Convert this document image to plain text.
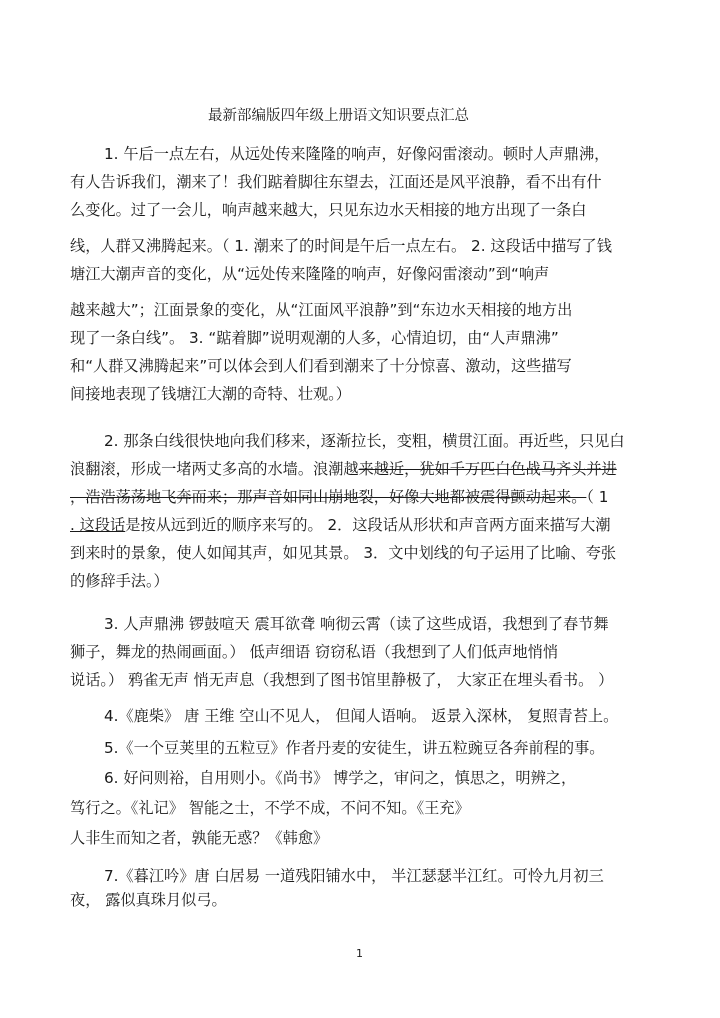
最新部编版四年级上册语文知识要点汇总
1. 午后一点左右，从远处传来隆隆的响声，好像闷雷滚动。顿时人声鼎沸，
有人告诉我们，潮来了！我们踮着脚往东望去，江面还是风平浪静，看不出有什
么变化。过了一会儿，响声越来越大，只见东边水天相接的地方出现了一条白
线，人群又沸腾起来。（ 1. 潮来了的时间是午后一点左右。 2. 这段话中描写了钱
塘江大潮声音的变化，从“远处传来隆隆的响声，好像闷雷滚动”到“响声
越来越大”；江面景象的变化，从“江面风平浪静”到“东边水天相接的地方出
现了一条白线”。 3. “踮着脚”说明观潮的人多，心情迫切，由“人声鼎沸”
和“人群又沸腾起来”可以体会到人们看到潮来了十分惊喜、激动，这些描写
间接地表现了钱塘江大潮的奇特、壮观。）
2. 那条白线很快地向我们移来，逐渐拉长，变粗，横贯江面。再近些，只见白
浪翻滚，形成一堵两丈多高的水墙。浪潮越来越近，犹如千万匹白色战马齐头并进
，浩浩荡荡地飞奔而来；那声音如同山崩地裂，好像大地都被震得颤动起来。（ 1
. 这段话是按从远到近的顺序来写的。 2．这段话从形状和声音两方面来描写大潮
到来时的景象，使人如闻其声，如见其景。 3．文中划线的句子运用了比喻、夸张
的修辞手法。）
3. 人声鼎沸 锣鼓喧天 震耳欲聋 响彻云霄（读了这些成语，我想到了春节舞
狮子，舞龙的热闹画面。） 低声细语 窃窃私语（我想到了人们低声地悄悄
说话。） 鸦雀无声 悄无声息（我想到了图书馆里静极了， 大家正在埋头看书。 ）
4.《鹿柴》 唐 王维 空山不见人， 但闻人语响。 返景入深林， 复照青苔上。
5.《一个豆荚里的五粒豆》作者丹麦的安徒生，讲五粒豌豆各奔前程的事。
6. 好问则裕，自用则小。《尚书》 博学之，审问之，慎思之，明辨之，
笃行之。《礼记》 智能之士，不学不成，不问不知。《王充》
人非生而知之者，孰能无惑？《韩愈》
7.《暮江吟》唐 白居易 一道残阳铺水中， 半江瑟瑟半江红。可怜九月初三
夜， 露似真珠月似弓。
1
